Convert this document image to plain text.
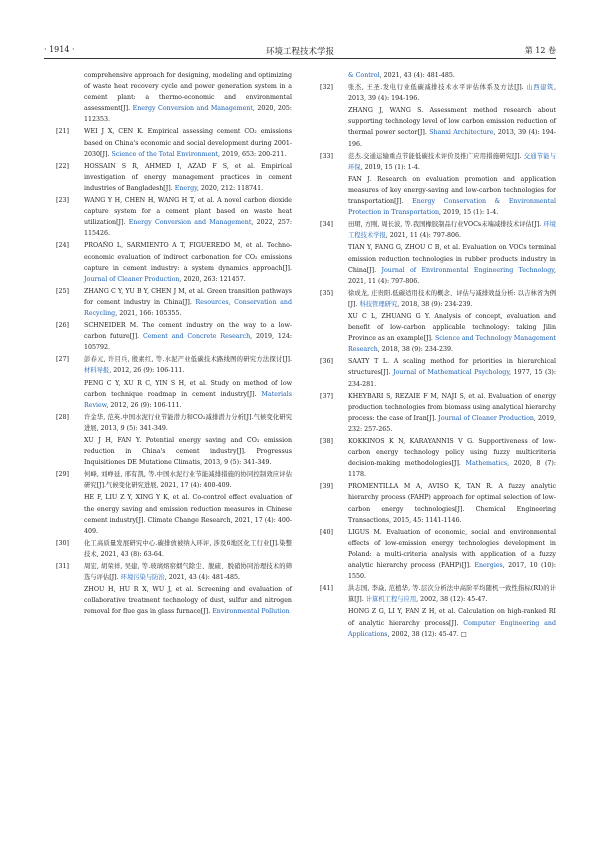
· 1914 ·	环境工程技术学报	第 12 卷
comprehensive approach for designing, modeling and optimizing of waste heat recovery cycle and power generation system in a cement plant: a thermo-economic and environmental assessment[J]. Energy Conversion and Management, 2020, 205: 112353.
[21] WEI J X, CEN K. Empirical assessing cement CO₂ emissions based on China's economic and social development during 2001-2030[J]. Science of the Total Environment, 2019, 653: 200-211.
[22] HOSSAIN S R, AHMED I, AZAD F S, et al. Empirical investigation of energy management practices in cement industries of Bangladesh[J]. Energy, 2020, 212: 118741.
[23] WANG Y H, CHEN H, WANG H T, et al. A novel carbon dioxide capture system for a cement plant based on waste heat utilization[J]. Energy Conversion and Management, 2022, 257: 115426.
[24] PROAÑO L, SARMIENTO A T, FIGUEREDO M, et al. Techno-economic evaluation of indirect carbonation for CO₂ emissions capture in cement industry: a system dynamics approach[J]. Journal of Cleaner Production, 2020, 263: 121457.
[25] ZHANG C Y, YU B Y, CHEN J M, et al. Green transition pathways for cement industry in China[J]. Resources, Conservation and Recycling, 2021, 166: 105355.
[26] SCHNEIDER M. The cement industry on the way to a low-carbon future[J]. Cement and Concrete Research, 2019, 124: 105792.
[27] 彭春元, 许目兵, 殷素红, 等.水泥产业低碳技术路线图的研究方法探讨[J]. 材料导报, 2012, 26 (9): 106-111.
PENG C Y, XU R C, YIN S H, et al. Study on method of low carbon technique roadmap in cement industry[J]. Materials Review, 2012, 26 (9): 106-111.
[28] 许金华, 范英.中国水泥行业节能潜力和CO₂减排潜力分析[J].气候变化研究进展, 2013, 9 (5): 341-349.
XU J H, FAN Y. Potential energy saving and CO₂ emission reduction in China's cement industry[J]. Progressus Inquisitiones DE Mutatione Climatis, 2013, 9 (5): 341-349.
[29] 何峰, 刘峥延, 邢有凯, 等.中国水泥行业节能减排措施的协同控制效应评估研究[J].气候变化研究进展, 2021, 17 (4): 400-409.
HE F, LIU Z Y, XING Y K, et al. Co-control effect evaluation of the energy saving and emission reduction measures in Chinese cement industry[J]. Climate Change Research, 2021, 17 (4): 400-409.
[30] 化工高质量发展研究中心.碳排放被纳入环评, 涉及6地区化工行业[J].染整技术, 2021, 43 (8): 63-64.
[31] 周宏, 胡荣祥, 吴建, 等.玻璃熔窑烟气除尘、脱硫、脱硝协同治理技术的筛选与评估[J]. 环境污染与防治, 2021, 43 (4): 481-485.
ZHOU H, HU R X, WU J, et al. Screening and evaluation of collaborative treatment technology of dust, sulfur and nitrogen removal for flue gas in glass furnace[J]. Environmental Pollution
& Control, 2021, 43 (4): 481-485.
[32] 张杰, 王圣.发电行业低碳减排技术水平评估体系及方法[J]. 山西建筑, 2013, 39 (4): 194-196.
ZHANG J, WANG S. Assessment method research about supporting technology level of low carbon emission reduction of thermal power sector[J]. Shanxi Architecture, 2013, 39 (4): 194-196.
[33] 范杰.交通运输重点节能低碳技术评价及推广应用措施研究[J]. 交通节能与环保, 2019, 15 (1): 1-4.
FAN J. Research on evaluation promotion and application measures of key energy-saving and low-carbon technologies for transportation[J]. Energy Conservation & Environmental Protection in Transportation, 2019, 15 (1): 1-4.
[34] 田珺, 方刚, 周长波, 等.我国橡胶制品行业VOCs末端减排技术评估[J]. 环境工程技术学报, 2021, 11 (4): 797-806.
TIAN Y, FANG G, ZHOU C B, et al. Evaluation on VOCs terminal emission reduction technologies in rubber products industry in China[J]. Journal of Environmental Engineering Technology, 2021, 11 (4): 797-806.
[35] 徐成龙, 庄贵阳.低碳适用技术的概念、评估与减排效益分析: 以吉林省为例[J]. 科技管理研究, 2018, 38 (9): 234-239.
XU C L, ZHUANG G Y. Analysis of concept, evaluation and benefit of low-carbon applicable technology: taking Jilin Province as an example[J]. Science and Technology Management Research, 2018, 38 (9): 234-239.
[36] SAATY T L. A scaling method for priorities in hierarchical structures[J]. Journal of Mathematical Psychology, 1977, 15 (3): 234-281.
[37] KHEYBARI S, REZAIE F M, NAJI S, et al. Evaluation of energy production technologies from biomass using analytical hierarchy process: the case of Iran[J]. Journal of Cleaner Production, 2019, 232: 257-265.
[38] KOKKINOS K N, KARAYANNIS V G. Supportiveness of low-carbon energy technology policy using fuzzy multicriteria decision-making methodologies[J]. Mathematics, 2020, 8 (7): 1178.
[39] PROMENTILLA M A, AVISO K, TAN R. A fuzzy analytic hierarchy process (FAHP) approach for optimal selection of low-carbon energy technologies[J]. Chemical Engineering Transactions, 2015, 45: 1141-1146.
[40] LIGUS M. Evaluation of economic, social and environmental effects of low-emission energy technologies development in Poland: a multi-criteria analysis with application of a fuzzy analytic hierarchy process (FAHP)[J]. Energies, 2017, 10 (10): 1550.
[41] 洪志国, 李焱, 范植华, 等.层次分析法中高阶平均随机一致性指标(RI)的计算[J]. 计算机工程与应用, 2002, 38 (12): 45-47.
HONG Z G, LI Y, FAN Z H, et al. Calculation on high-ranked RI of analytic hierarchy process[J]. Computer Engineering and Applications, 2002, 38 (12): 45-47. □
